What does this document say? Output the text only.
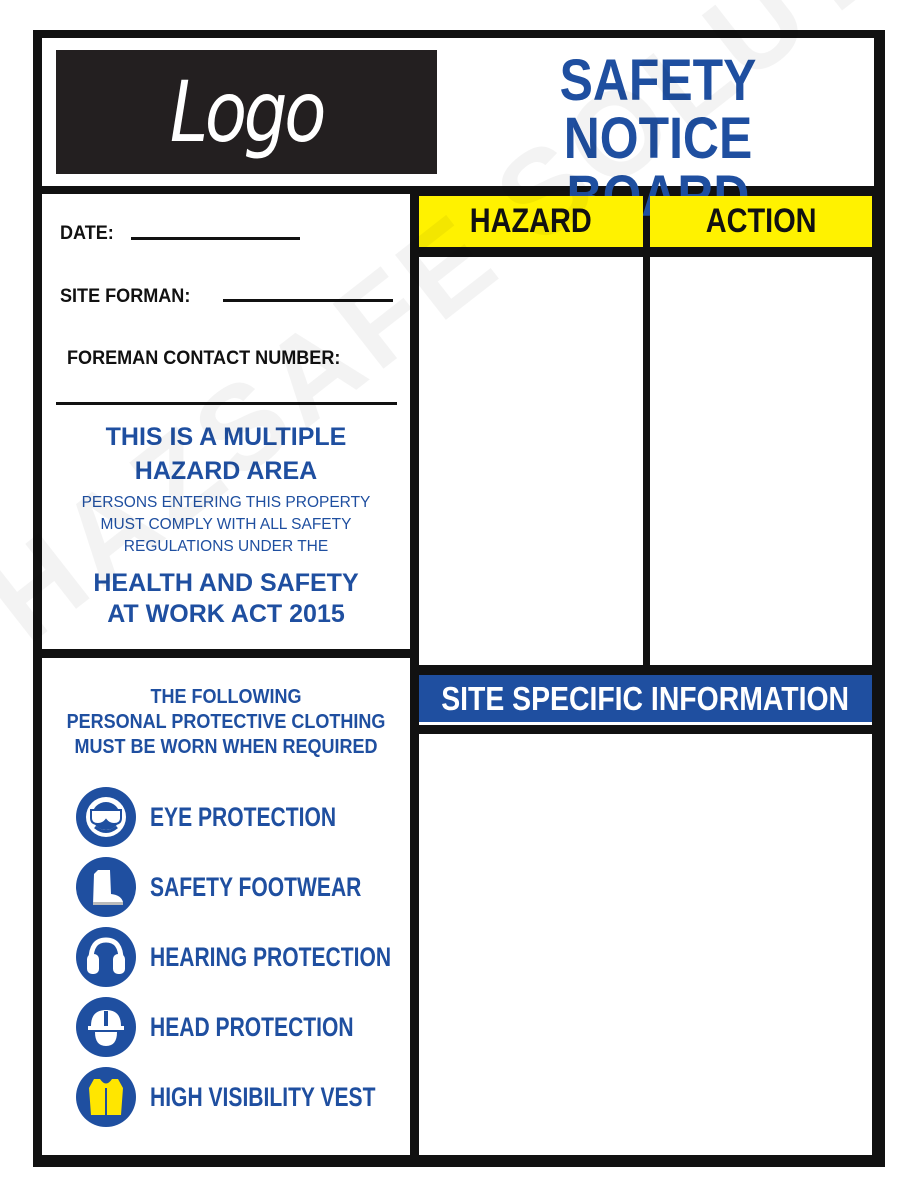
Logo	SAFETY NOTICE
DATE:
SITE FORMAN:
FOREMAN CONTACT NUMBER:
THIS IS A MULTIPLE
HAZARD AREA
PERSONS ENTERING THIS PROPERTY
MUST COMPLY WITH ALL SAFETY
REGULATIONS UNDER THE
HEALTH AND SAFETY
AT WORK ACT 2015
THE FOLLOWING
PERSONAL PROTECTIVE CLOTHING
MUST BE WORN WHEN REQUIRED
EYE PROTECTION
SAFETY FOOTWEAR
HEARING PROTECTION
HEAD PROTECTION
HIGH VISIBILITY VEST
HAZARD	ACTION
SITE SPECIFIC INFORMATION
